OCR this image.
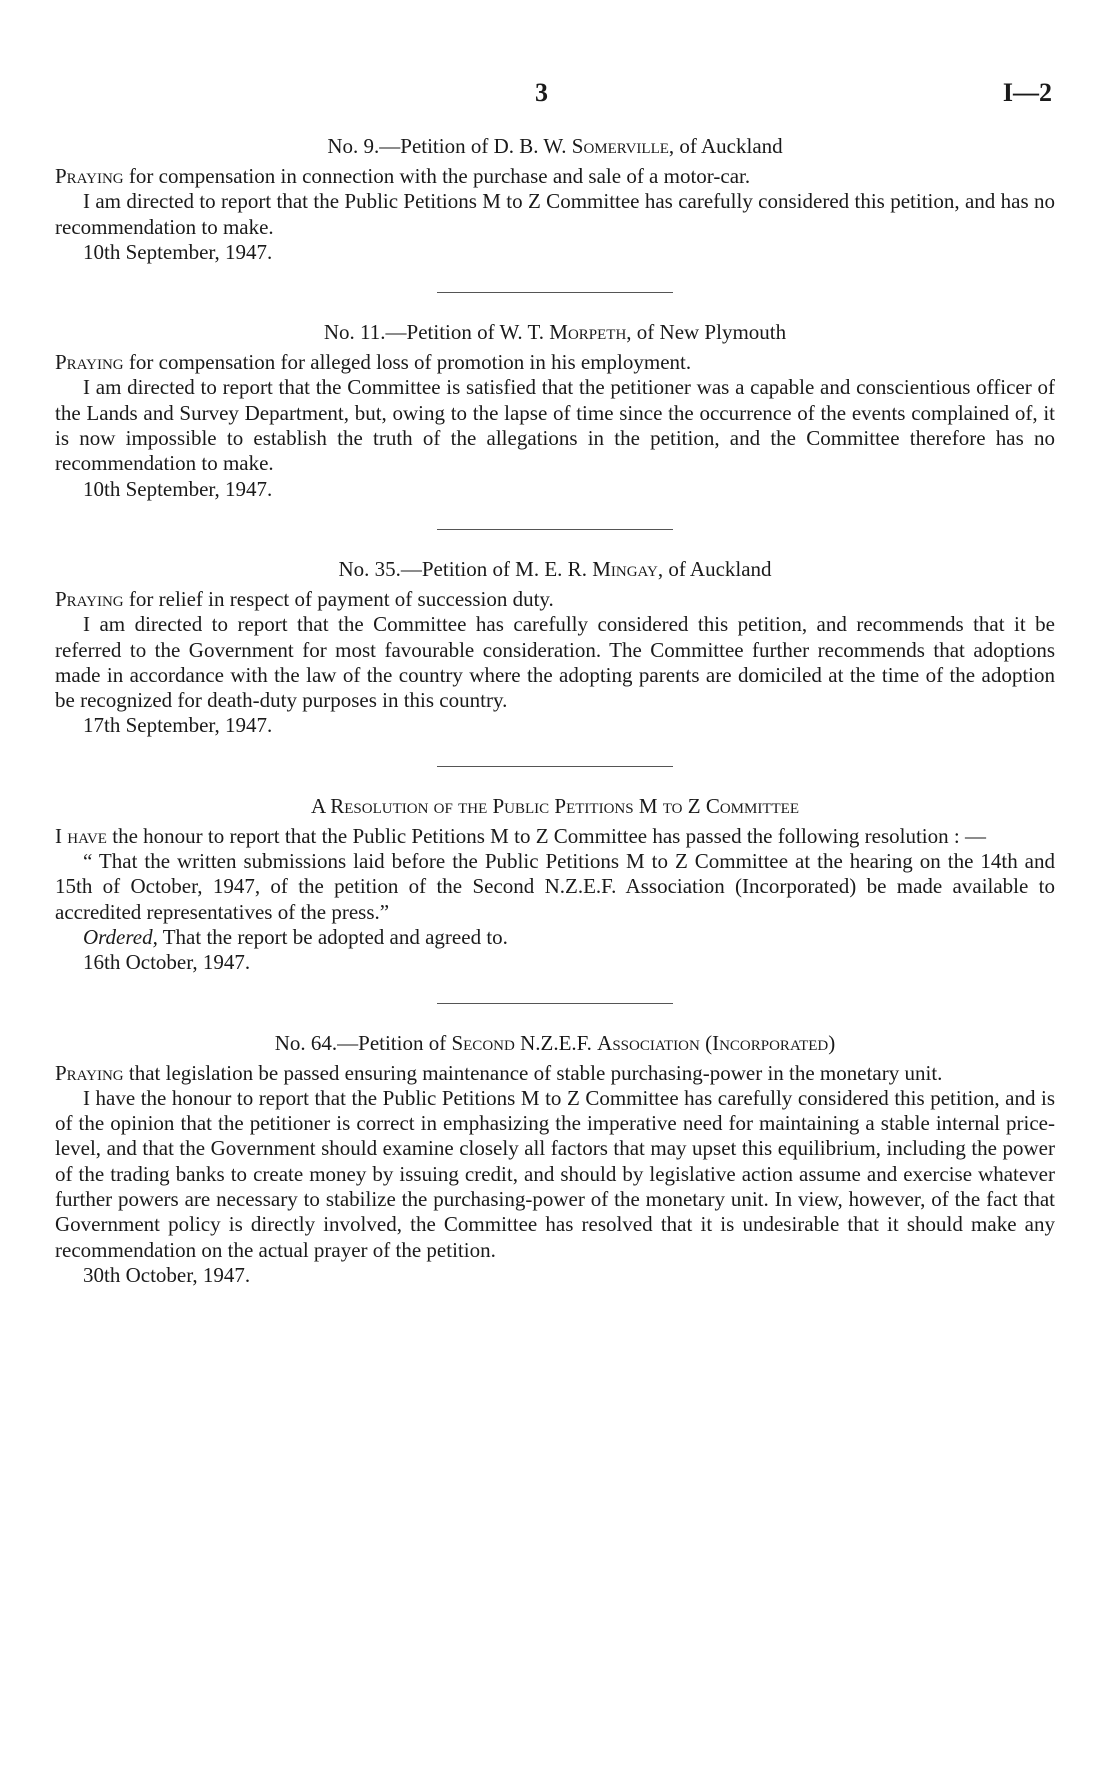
3	I—2
No. 9.—Petition of D. B. W. Somerville, of Auckland

Praying for compensation in connection with the purchase and sale of a motor-car.

I am directed to report that the Public Petitions M to Z Committee has carefully considered this petition, and has no recommendation to make.

10th September, 1947.

No. 11.—Petition of W. T. Morpeth, of New Plymouth

Praying for compensation for alleged loss of promotion in his employment.

I am directed to report that the Committee is satisfied that the petitioner was a capable and conscientious officer of the Lands and Survey Department, but, owing to the lapse of time since the occurrence of the events complained of, it is now impossible to establish the truth of the allegations in the petition, and the Committee therefore has no recommendation to make.

10th September, 1947.

No. 35.—Petition of M. E. R. Mingay, of Auckland

Praying for relief in respect of payment of succession duty.

I am directed to report that the Committee has carefully considered this petition, and recommends that it be referred to the Government for most favourable consideration. The Committee further recommends that adoptions made in accordance with the law of the country where the adopting parents are domiciled at the time of the adoption be recognized for death-duty purposes in this country.

17th September, 1947.

A Resolution of the Public Petitions M to Z Committee

I have the honour to report that the Public Petitions M to Z Committee has passed the following resolution : —

“ That the written submissions laid before the Public Petitions M to Z Committee at the hearing on the 14th and 15th of October, 1947, of the petition of the Second N.Z.E.F. Association (Incorporated) be made available to accredited representatives of the press.”

Ordered, That the report be adopted and agreed to.

16th October, 1947.

No. 64.—Petition of Second N.Z.E.F. Association (Incorporated)

Praying that legislation be passed ensuring maintenance of stable purchasing-power in the monetary unit.

I have the honour to report that the Public Petitions M to Z Committee has carefully considered this petition, and is of the opinion that the petitioner is correct in emphasizing the imperative need for maintaining a stable internal price-level, and that the Government should examine closely all factors that may upset this equilibrium, including the power of the trading banks to create money by issuing credit, and should by legislative action assume and exercise whatever further powers are necessary to stabilize the purchasing-power of the monetary unit. In view, however, of the fact that Government policy is directly involved, the Committee has resolved that it is undesirable that it should make any recommendation on the actual prayer of the petition.

30th October, 1947.
